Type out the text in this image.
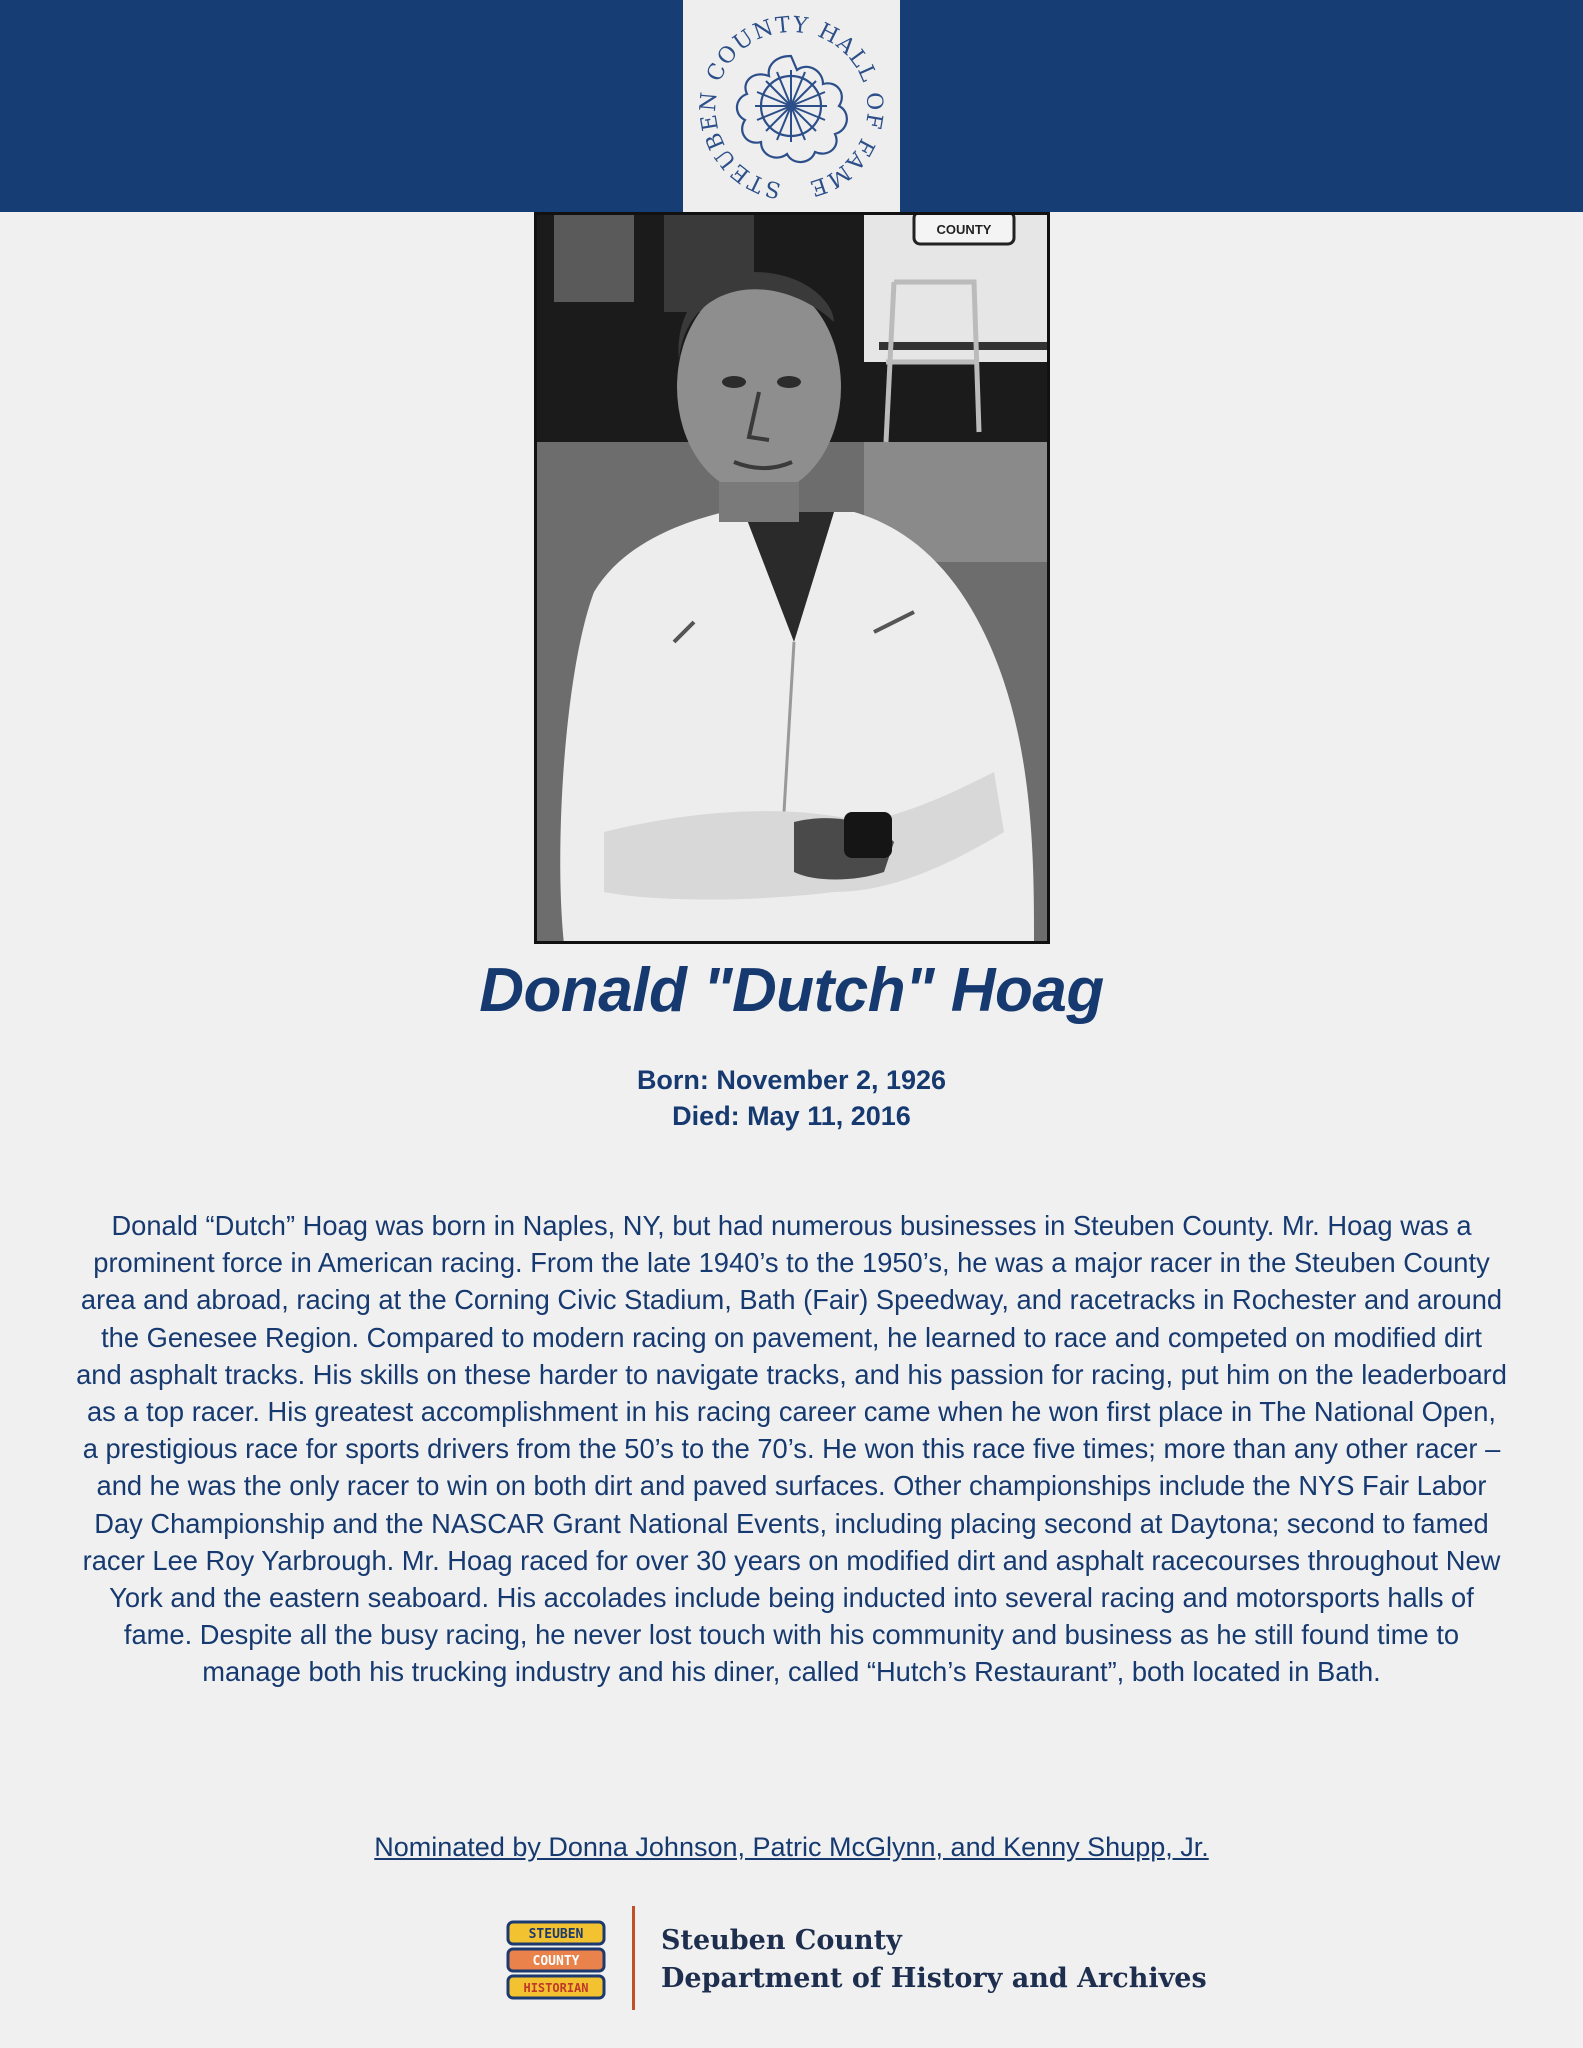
STEUBEN COUNTY HALL OF FAME
COUNTY
Donald "Dutch" Hoag
Born: November 2, 1926
Died: May 11, 2016
Donald “Dutch” Hoag was born in Naples, NY, but had numerous businesses in Steuben County. Mr. Hoag was a prominent force in American racing. From the late 1940’s to the 1950’s, he was a major racer in the Steuben County area and abroad, racing at the Corning Civic Stadium, Bath (Fair) Speedway, and racetracks in Rochester and around the Genesee Region. Compared to modern racing on pavement, he learned to race and competed on modified dirt and asphalt tracks. His skills on these harder to navigate tracks, and his passion for racing, put him on the leaderboard as a top racer. His greatest accomplishment in his racing career came when he won first place in The National Open, a prestigious race for sports drivers from the 50’s to the 70’s. He won this race five times; more than any other racer – and he was the only racer to win on both dirt and paved surfaces. Other championships include the NYS Fair Labor Day Championship and the NASCAR Grant National Events, including placing second at Daytona; second to famed racer Lee Roy Yarbrough. Mr. Hoag raced for over 30 years on modified dirt and asphalt racecourses throughout New York and the eastern seaboard. His accolades include being inducted into several racing and motorsports halls of fame. Despite all the busy racing, he never lost touch with his community and business as he still found time to manage both his trucking industry and his diner, called “Hutch’s Restaurant”, both located in Bath.
Nominated by Donna Johnson, Patric McGlynn, and Kenny Shupp, Jr.
STEUBEN
COUNTY
HISTORIAN
Steuben County
Department of History and Archives
